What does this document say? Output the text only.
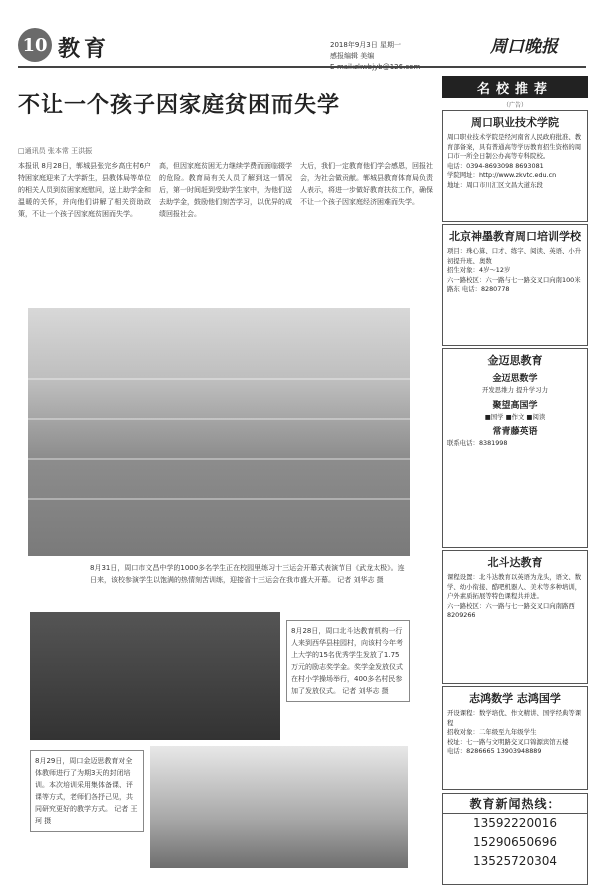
10 教育	2018年9月3日 星期一
感报编辑 美编	周口晚报
不让一个孩子因家庭贫困而失学
□通讯员 张本常 王洪振

本报讯 8月28日，郸城县张完乡高庄村6户特困家庭迎来了大学新生，县教体局等单位的相关人员到贫困家庭慰问，送上助学金和温暖的关怀，并向他们讲解了相关资助政策，不让一个孩子因家庭贫困而失学。

高，但因家庭贫困无力继续学费而面临辍学的危险。教育局有关人员了解到这一情况后，第一时间赶到受助学生家中，为他们送去助学金，鼓励他们刻苦学习，以优异的成绩回报社会。

大后，我们一定教育他们学会感恩，回报社会，为社会做贡献。郸城县教育体育局负责人表示，将进一步做好教育扶贫工作，确保不让一个孩子因家庭经济困难而失学。

8月31日，周口市文昌中学的1000多名学生正在校园里练习十三运会开幕式表演节目《武龙太极》。连日来，该校参演学生以饱满的热情刻苦训练，迎接省十三运会在我市盛大开幕。 记者 刘华志 摄
8月28日，周口北斗达教育机构一行人来到西华县桂园村，向该村今年考上大学的15名优秀学生发放了1.75万元的励志奖学金。奖学金发放仪式在村小学操场举行，400多名村民参加了发放仪式。 记者 刘华志 摄
8月29日，周口金迈思教育对全体教师进行了为期3天的封闭培训。本次培训采用集体备课、评课等方式，老师们各抒己见，共同研究更好的教学方式。 记者 王珂 摄
名校推荐
（广告）
周口职业技术学院
周口职业技术学院是经河南省人民政府批准、教育部备案，具有普通高等学历教育招生资格的周口市一所全日制公办高等专科院校。
电话：0394-8693098 8693081
学院网址：http://www.zkvtc.edu.cn
地址：周口市川汇区文昌大道东段
北京神墨教育周口培训学校
项目：珠心算、口才、练字、阅读、英语、小升初提升班、奥数
招生对象：4岁～12岁
六一路校区：六一路与七一路交叉口向南100米路东 电话：8280778
金迈思教育
金迈思数学
开发思维力 提升学习力
聚望高国学
■国学 ■作文 ■阅读
常青藤英语
联系电话：8381998
北斗达教育
课程设置：北斗达教育以英语为龙头，语文、数学、幼小衔接、酷吧机器人、美术等多种培训，户外素质拓展等特色课程共并进。
六一路校区：六一路与七一路交叉口向南路西 8209266
志鸿数学 志鸿国学
开设课程：数学培优、作文精讲、国学经典等课程
招收对象：二年级至九年级学生
校址：七一路与文明路交叉口锦源宾馆五楼
电话：8286665 13903948889
教育新闻热线：
13592220016
15290650696
13525720304
